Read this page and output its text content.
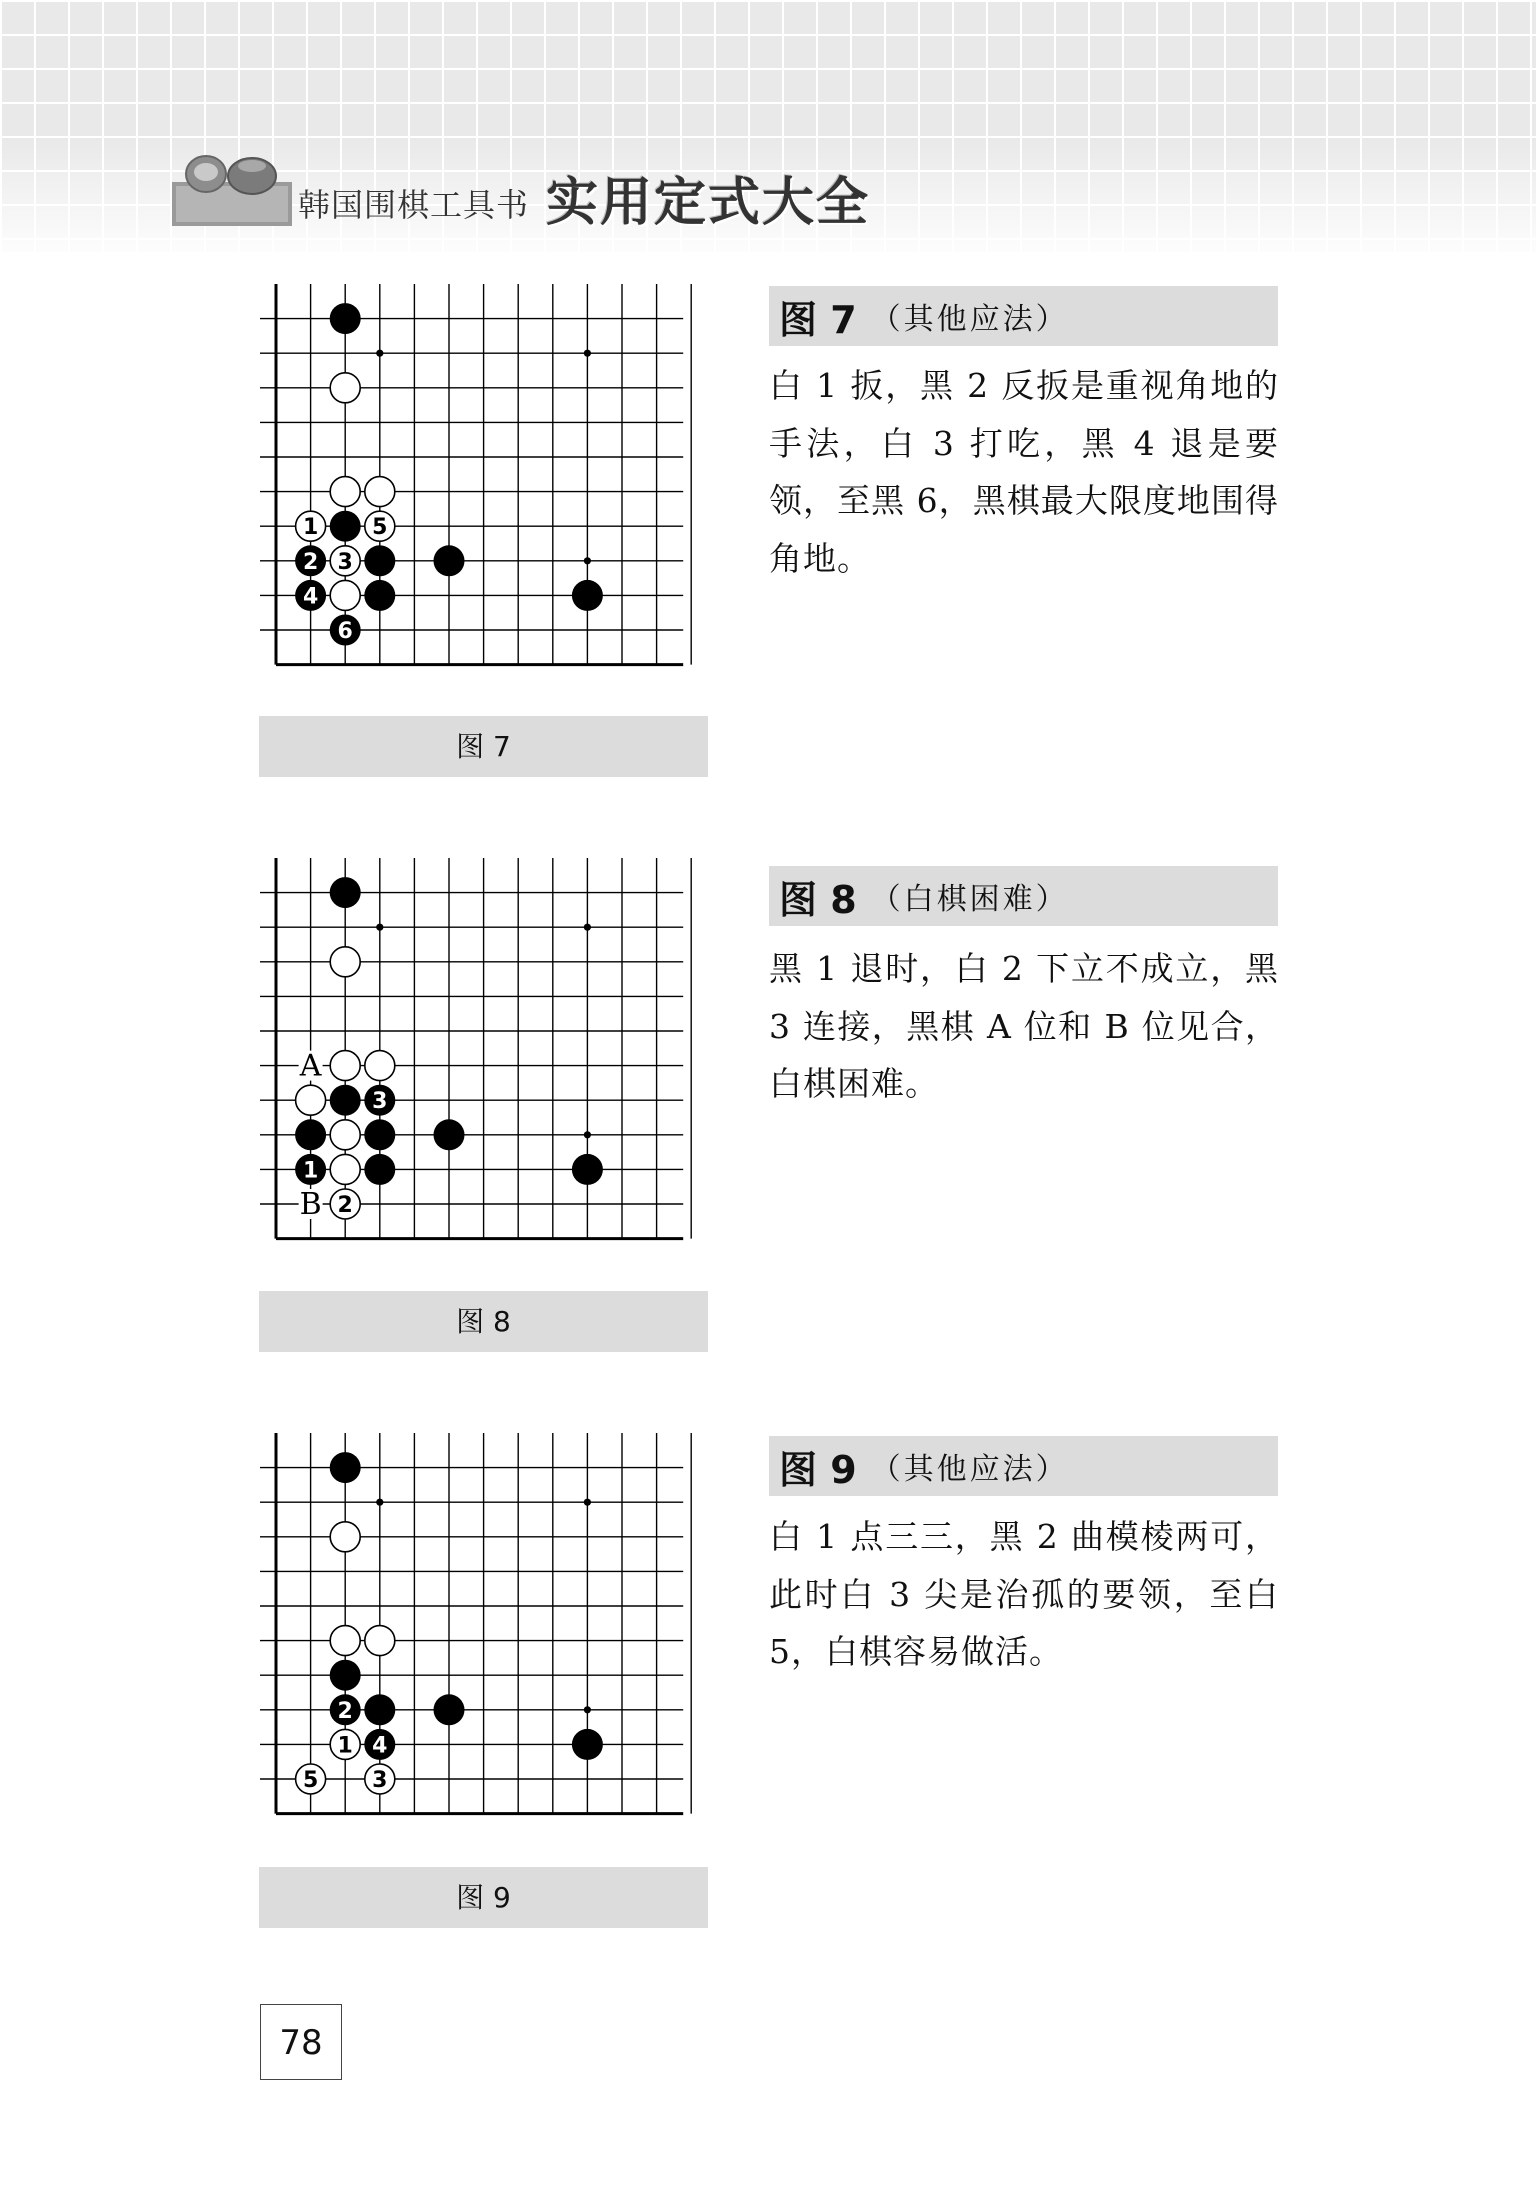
韩国围棋工具书 实用定式大全
1 5
2 3
4
6
图 7
图 7 （其他应法）
白 1 扳，黑 2 反扳是重视角地的手法，白 3 打吃，黑 4 退是要领，至黑 6，黑棋最大限度地围得角地。
3
1
2
A
B
图 8
图 8 （白棋困难）
黑 1 退时，白 2 下立不成立，黑 3 连接，黑棋 A 位和 B 位见合，白棋困难。
2
1 4
5 3
图 9
图 9 （其他应法）
白 1 点三三，黑 2 曲模棱两可，此时白 3 尖是治孤的要领，至白 5，白棋容易做活。
78
